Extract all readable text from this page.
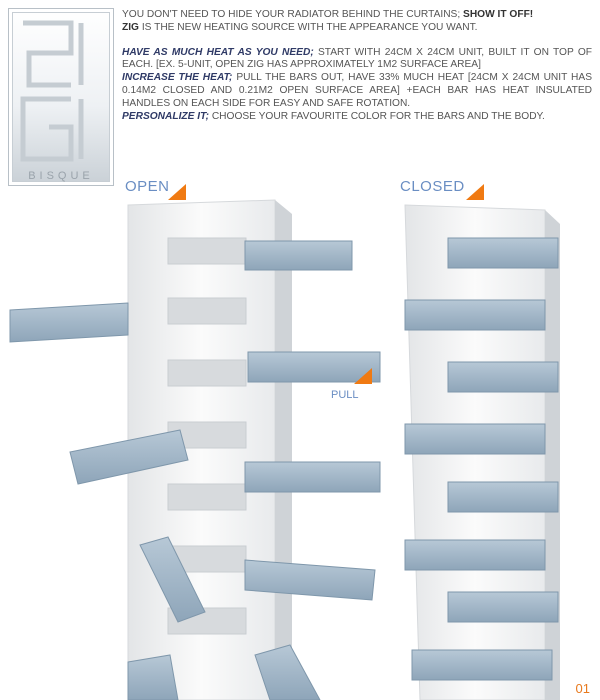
BISQUE

YOU DON'T NEED TO HIDE YOUR RADIATOR BEHIND THE CURTAINS; SHOW IT OFF!

ZIG IS THE NEW HEATING SOURCE WITH THE APPEARANCE YOU WANT.

HAVE AS MUCH HEAT AS YOU NEED; START WITH 24CM X 24CM UNIT, BUILT IT ON TOP OF EACH. [EX. 5-UNIT, OPEN ZIG HAS APPROXIMATELY 1M2 SURFACE AREA]

INCREASE THE HEAT; PULL THE BARS OUT, HAVE 33% MUCH HEAT [24CM X 24CM UNIT HAS 0.14M2 CLOSED AND 0.21M2 OPEN SURFACE AREA] +EACH BAR HAS HEAT INSULATED HANDLES ON EACH SIDE FOR EASY AND SAFE ROTATION.

PERSONALIZE IT; CHOOSE YOUR FAVOURITE COLOR FOR THE BARS AND THE BODY.

OPEN	CLOSED
PULL
01
